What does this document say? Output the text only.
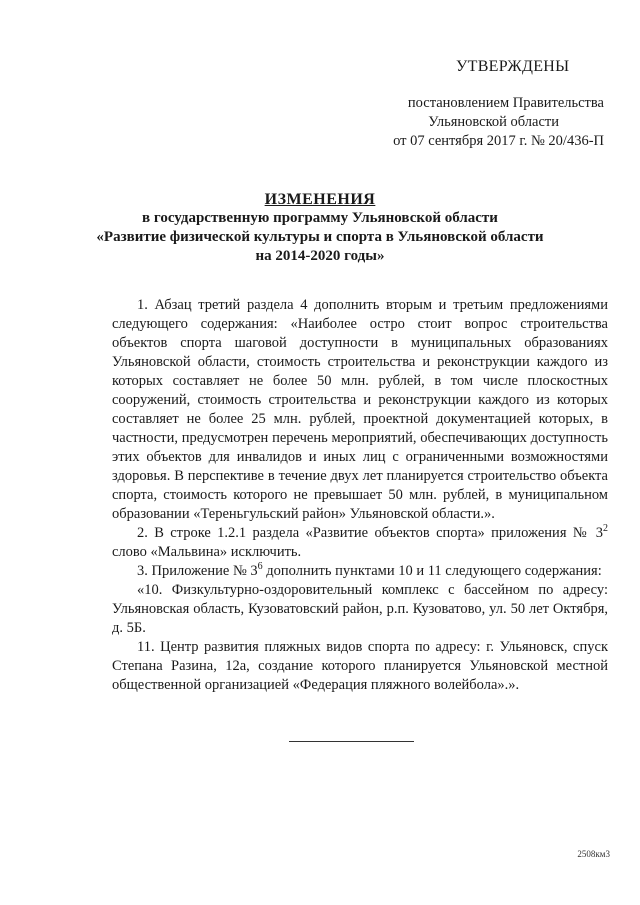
УТВЕРЖДЕНЫ
постановлением Правительства
Ульяновской области
от 07 сентября 2017 г. № 20/436-П
ИЗМЕНЕНИЯ
в государственную программу Ульяновской области
«Развитие физической культуры и спорта в Ульяновской области
на 2014-2020 годы»

1. Абзац третий раздела 4 дополнить вторым и третьим предложениями следующего содержания: «Наиболее остро стоит вопрос строительства объектов спорта шаговой доступности в муниципальных образованиях Ульяновской области, стоимость строительства и реконструкции каждого из которых составляет не более 50 млн. рублей, в том числе плоскостных сооружений, стоимость строительства и реконструкции каждого из которых составляет не более 25 млн. рублей, проектной документацией которых, в частности, предусмотрен перечень мероприятий, обеспечивающих доступность этих объектов для инвалидов и иных лиц с ограниченными возможностями здоровья. В перспективе в течение двух лет планируется строительство объекта спорта, стоимость которого не превышает 50 млн. рублей, в муниципальном образовании «Тереньгульский район» Ульяновской области.».

2. В строке 1.2.1 раздела «Развитие объектов спорта» приложения № $3^2$ слово «Мальвина» исключить.

3. Приложение № $3^6$ дополнить пунктами 10 и 11 следующего содержания:

«10. Физкультурно-оздоровительный комплекс с бассейном по адресу: Ульяновская область, Кузоватовский район, р.п. Кузоватово, ул. 50 лет Октября, д. 5Б.

11. Центр развития пляжных видов спорта по адресу: г. Ульяновск, спуск Степана Разина, 12а, создание которого планируется Ульяновской местной общественной организацией «Федерация пляжного волейбола».».

2508км3
